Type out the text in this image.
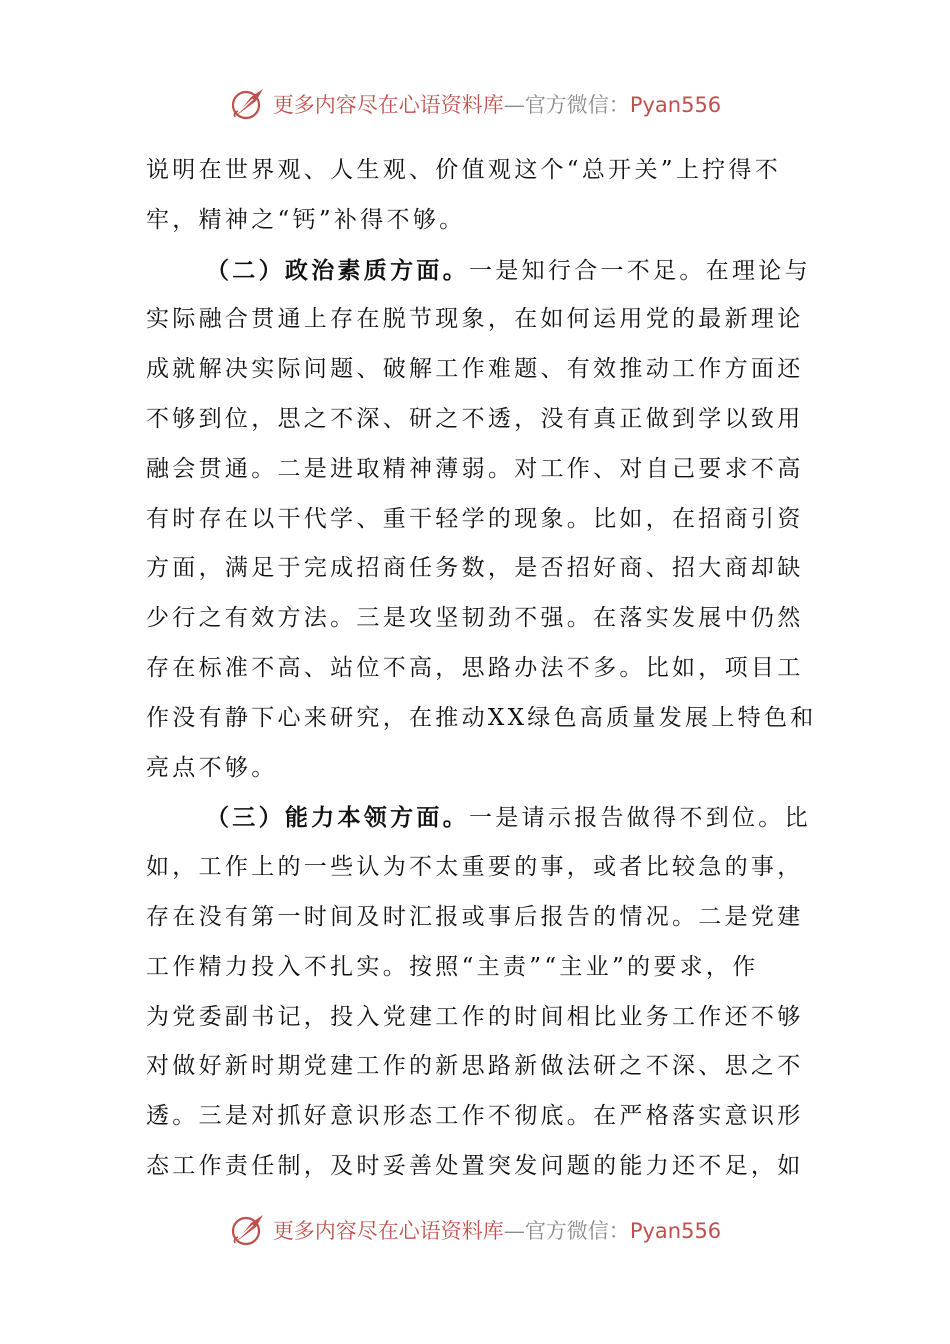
更多内容尽在心语资料库—官方微信：Pyan556
说明在世界观、人生观、价值观这个“总开关”上拧得不
牢，精神之“钙”补得不够。
（二）政治素质方面。一是知行合一不足。在理论与
实际融合贯通上存在脱节现象，在如何运用党的最新理论
成就解决实际问题、破解工作难题、有效推动工作方面还
不够到位，思之不深、研之不透，没有真正做到学以致用
融会贯通。二是进取精神薄弱。对工作、对自己要求不高
有时存在以干代学、重干轻学的现象。比如，在招商引资
方面，满足于完成招商任务数，是否招好商、招大商却缺
少行之有效方法。三是攻坚韧劲不强。在落实发展中仍然
存在标准不高、站位不高，思路办法不多。比如，项目工
作没有静下心来研究，在推动XX绿色高质量发展上特色和
亮点不够。
（三）能力本领方面。一是请示报告做得不到位。比
如，工作上的一些认为不太重要的事，或者比较急的事，
存在没有第一时间及时汇报或事后报告的情况。二是党建
工作精力投入不扎实。按照“主责”“主业”的要求，作
为党委副书记，投入党建工作的时间相比业务工作还不够
对做好新时期党建工作的新思路新做法研之不深、思之不
透。三是对抓好意识形态工作不彻底。在严格落实意识形
态工作责任制，及时妥善处置突发问题的能力还不足，如
更多内容尽在心语资料库—官方微信：Pyan556
